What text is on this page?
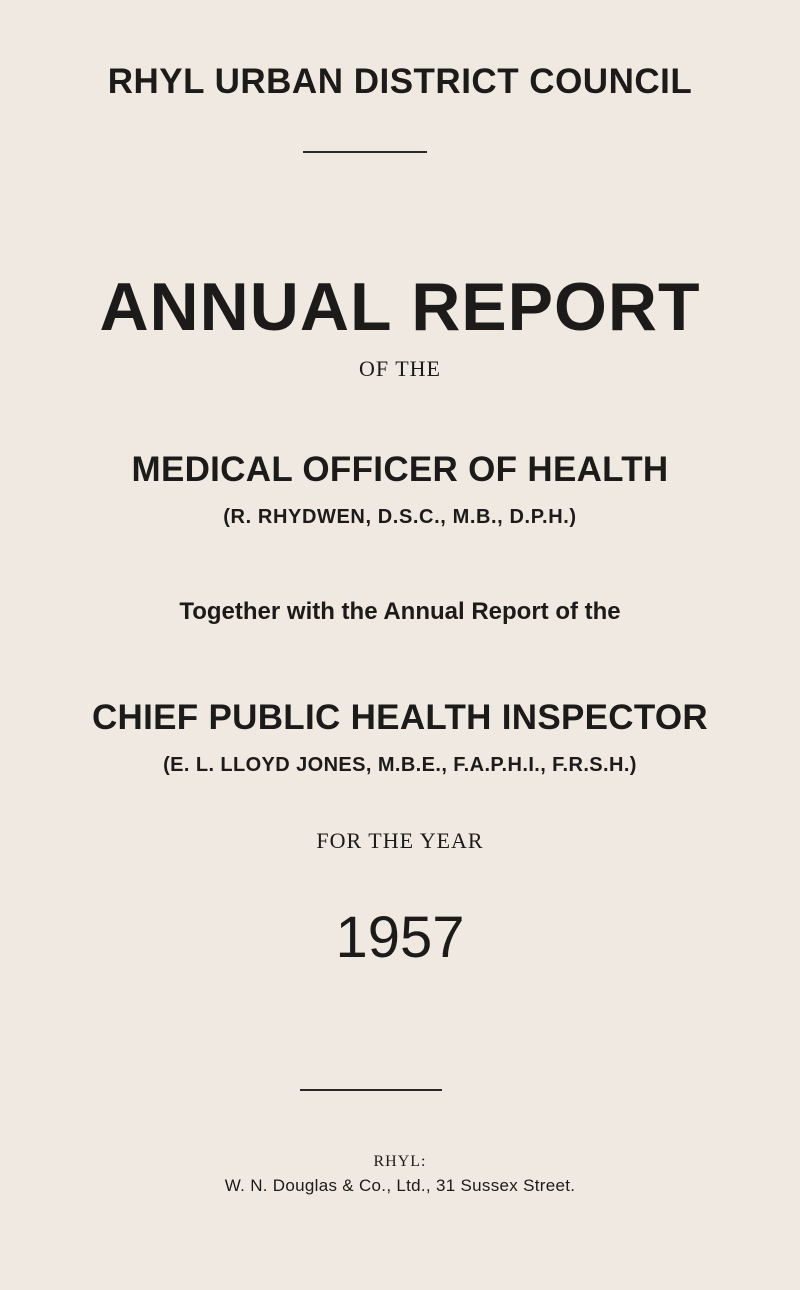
RHYL URBAN DISTRICT COUNCIL
ANNUAL REPORT

OF THE

MEDICAL OFFICER OF HEALTH

(R. RHYDWEN, D.S.C., M.B., D.P.H.)

Together with the Annual Report of the

CHIEF PUBLIC HEALTH INSPECTOR

(E. L. LLOYD JONES, M.B.E., F.A.P.H.I., F.R.S.H.)

FOR THE YEAR

1957

RHYL:

W. N. Douglas & Co., Ltd., 31 Sussex Street.
